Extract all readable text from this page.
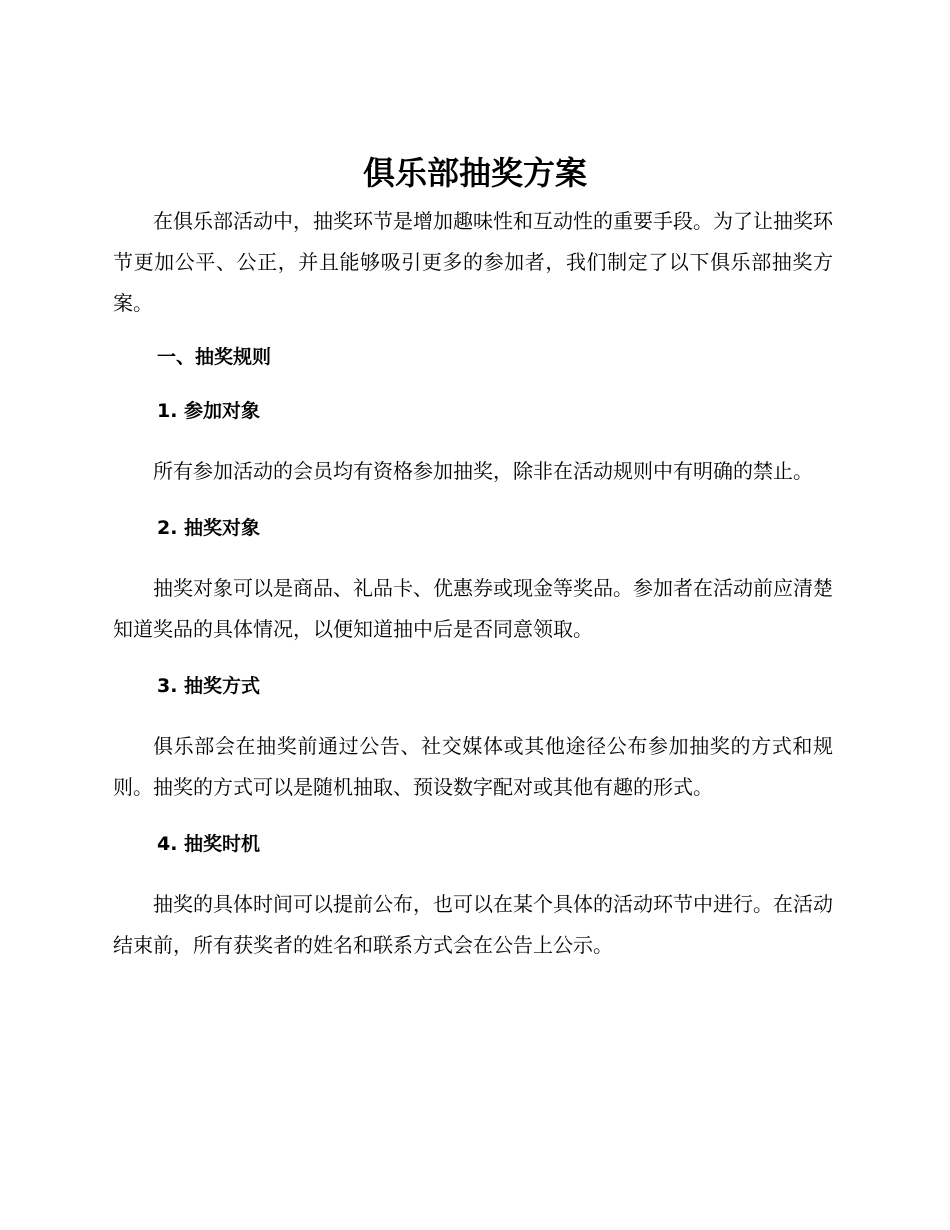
俱乐部抽奖方案

在俱乐部活动中，抽奖环节是增加趣味性和互动性的重要手段。为了让抽奖环节更加公平、公正，并且能够吸引更多的参加者，我们制定了以下俱乐部抽奖方案。

一、抽奖规则
1. 参加对象

所有参加活动的会员均有资格参加抽奖，除非在活动规则中有明确的禁止。

2. 抽奖对象

抽奖对象可以是商品、礼品卡、优惠券或现金等奖品。参加者在活动前应清楚知道奖品的具体情况，以便知道抽中后是否同意领取。

3. 抽奖方式

俱乐部会在抽奖前通过公告、社交媒体或其他途径公布参加抽奖的方式和规则。抽奖的方式可以是随机抽取、预设数字配对或其他有趣的形式。

4. 抽奖时机

抽奖的具体时间可以提前公布，也可以在某个具体的活动环节中进行。在活动结束前，所有获奖者的姓名和联系方式会在公告上公示。
